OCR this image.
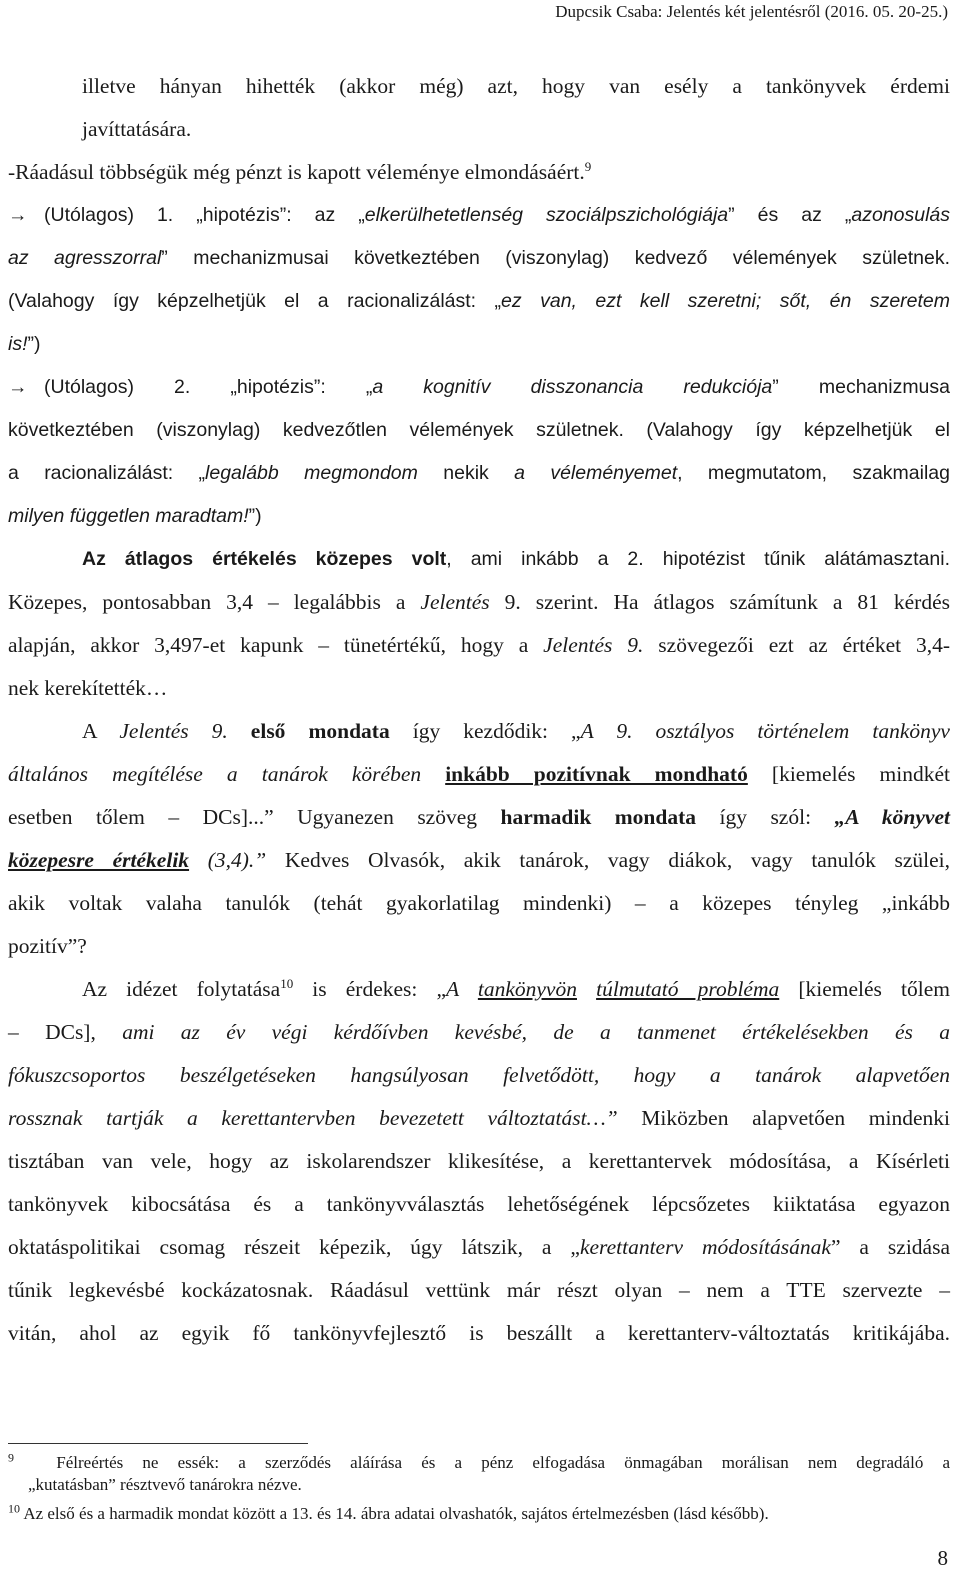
Dupcsik Csaba: Jelentés két jelentésről (2016. 05. 20-25.)
illetve hányan hihették (akkor még) azt, hogy van esély a tankönyvek érdemi
javíttatására.
-Ráadásul többségük még pénzt is kapott véleménye elmondásáért.$^9$
→ (Utólagos) 1. „hipotézis”: az „elkerülhetetlenség szociálpszichológiája” és az „azonosulás
az agresszorral” mechanizmusai következtében (viszonylag) kedvező vélemények születnek.
(Valahogy így képzelhetjük el a racionalizálást: „ez van, ezt kell szeretni; sőt, én szeretem
is!”)
→ (Utólagos) 2. „hipotézis”: „a kognitív disszonancia redukciója” mechanizmusa
következtében (viszonylag) kedvezőtlen vélemények születnek. (Valahogy így képzelhetjük el
a racionalizálást: „legalább megmondom nekik a véleményemet, megmutatom, szakmailag
milyen független maradtam!”)
Az átlagos értékelés közepes volt, ami inkább a 2. hipotézist tűnik alátámasztani.
Közepes, pontosabban 3,4 – legalábbis a Jelentés 9. szerint. Ha átlagos számítunk a 81 kérdés
alapján, akkor 3,497-et kapunk – tünetértékű, hogy a Jelentés 9. szövegezői ezt az értéket 3,4-
nek kerekítették…
A Jelentés 9. első mondata így kezdődik: „A 9. osztályos történelem tankönyv
általános megítélése a tanárok körében inkább pozitívnak mondható [kiemelés mindkét
esetben tőlem – DCs]...” Ugyanezen szöveg harmadik mondata így szól: „A könyvet
közepesre értékelik (3,4).” Kedves Olvasók, akik tanárok, vagy diákok, vagy tanulók szülei,
akik voltak valaha tanulók (tehát gyakorlatilag mindenki) – a közepes tényleg „inkább
pozitív”?
Az idézet folytatása$^{10}$ is érdekes: „A tankönyvön túlmutató probléma [kiemelés tőlem
– DCs], ami az év végi kérdőívben kevésbé, de a tanmenet értékelésekben és a
fókuszcsoportos beszélgetéseken hangsúlyosan felvetődött, hogy a tanárok alapvetően
rossznak tartják a kerettantervben bevezetett változtatást…” Miközben alapvetően mindenki
tisztában van vele, hogy az iskolarendszer klikesítése, a kerettantervek módosítása, a Kísérleti
tankönyvek kibocsátása és a tankönyvválasztás lehetőségének lépcsőzetes kiiktatása egyazon
oktatáspolitikai csomag részeit képezik, úgy látszik, a „kerettanterv módosításának” a szidása
tűnik legkevésbé kockázatosnak. Ráadásul vettünk már részt olyan – nem a TTE szervezte –
vitán, ahol az egyik fő tankönyvfejlesztő is beszállt a kerettanterv-változtatás kritikájába.
$^9$ Félreértés ne essék: a szerződés aláírása és a pénz elfogadása önmagában morálisan nem degradáló a
„kutatásban” résztvevő tanárokra nézve.
$^{10}$ Az első és a harmadik mondat között a 13. és 14. ábra adatai olvashatók, sajátos értelmezésben (lásd később).
8
